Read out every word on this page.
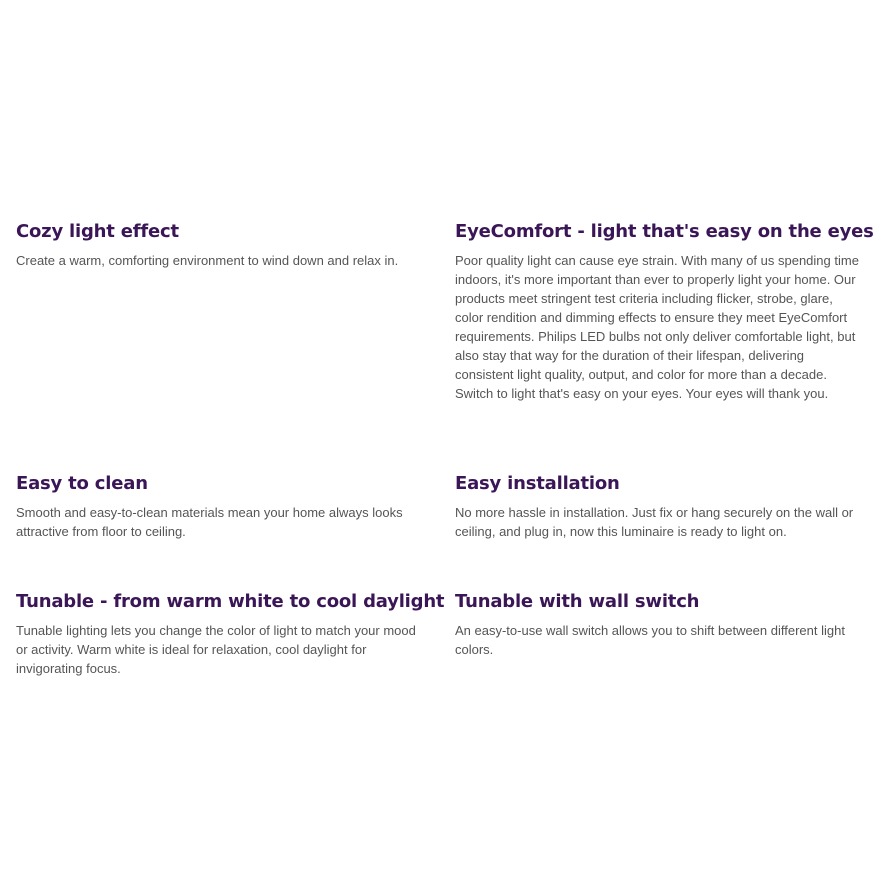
Cozy light effect

Create a warm, comforting environment to wind down and relax in.

EyeComfort - light that's easy on the eyes

Poor quality light can cause eye strain. With many of us spending time indoors, it's more important than ever to properly light your home. Our products meet stringent test criteria including flicker, strobe, glare, color rendition and dimming effects to ensure they meet EyeComfort requirements. Philips LED bulbs not only deliver comfortable light, but also stay that way for the duration of their lifespan, delivering consistent light quality, output, and color for more than a decade. Switch to light that's easy on your eyes. Your eyes will thank you.

Easy to clean

Smooth and easy-to-clean materials mean your home always looks attractive from floor to ceiling.

Easy installation

No more hassle in installation. Just fix or hang securely on the wall or ceiling, and plug in, now this luminaire is ready to light on.

Tunable - from warm white to cool daylight

Tunable lighting lets you change the color of light to match your mood or activity. Warm white is ideal for relaxation, cool daylight for invigorating focus.

Tunable with wall switch

An easy-to-use wall switch allows you to shift between different light colors.
